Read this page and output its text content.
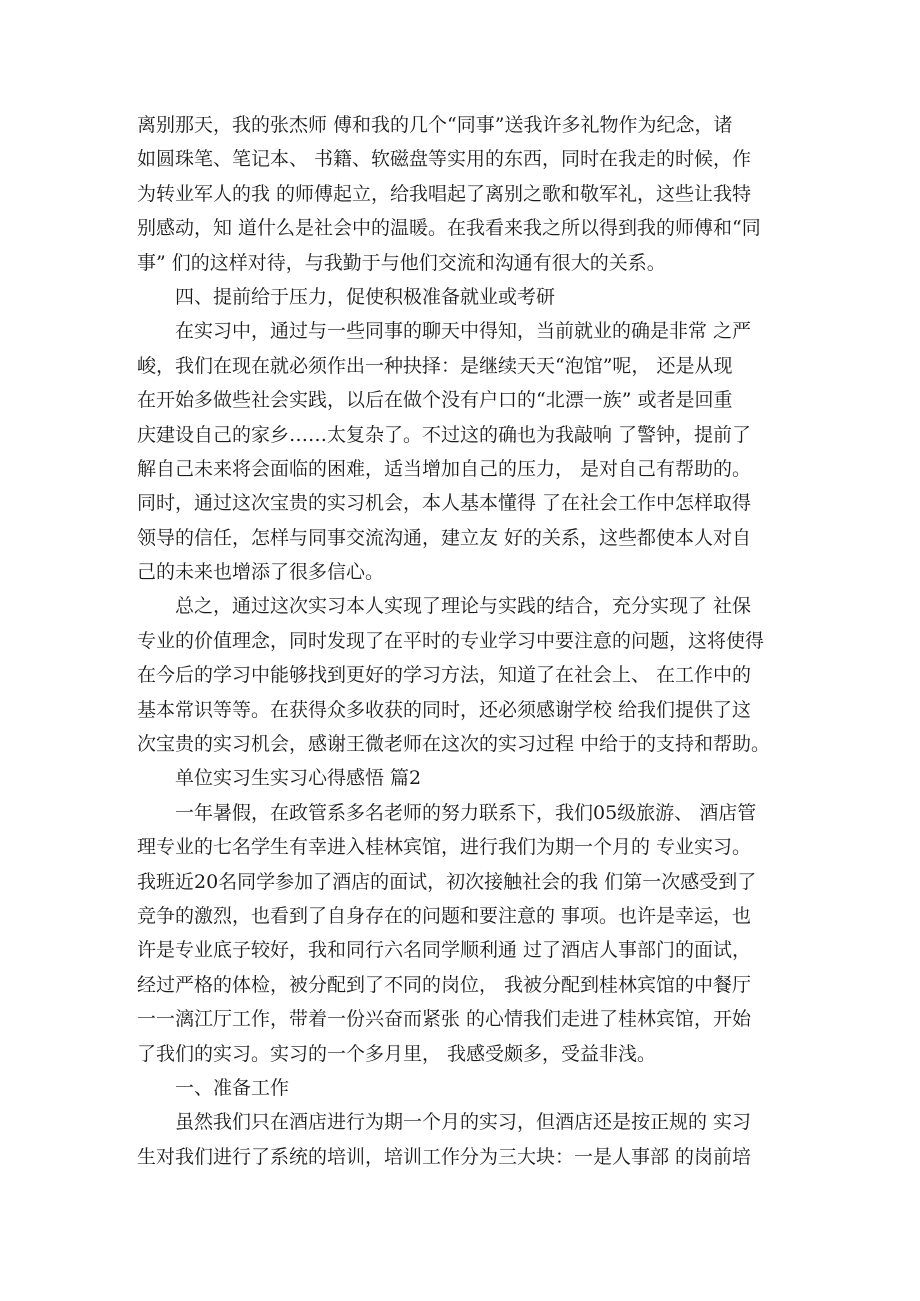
离别那天，我的张杰师 傅和我的几个“同事”送我许多礼物作为纪念，诸
如圆珠笔、笔记本、 书籍、软磁盘等实用的东西，同时在我走的时候，作
为转业军人的我 的师傅起立，给我唱起了离别之歌和敬军礼，这些让我特
别感动，知 道什么是社会中的温暖。在我看来我之所以得到我的师傅和“同
事” 们的这样对待，与我勤于与他们交流和沟通有很大的关系。
四、提前给于压力，促使积极准备就业或考研
在实习中，通过与一些同事的聊天中得知，当前就业的确是非常 之严
峻，我们在现在就必须作出一种抉择：是继续天天“泡馆”呢， 还是从现
在开始多做些社会实践，以后在做个没有户口的“北漂一族” 或者是回重
庆建设自己的家乡……太复杂了。不过这的确也为我敲响 了警钟，提前了
解自己未来将会面临的困难，适当增加自己的压力， 是对自己有帮助的。
同时，通过这次宝贵的实习机会，本人基本懂得 了在社会工作中怎样取得
领导的信任，怎样与同事交流沟通，建立友 好的关系，这些都使本人对自
己的未来也增添了很多信心。
总之，通过这次实习本人实现了理论与实践的结合，充分实现了 社保
专业的价值理念，同时发现了在平时的专业学习中要注意的问题，这将使得
在今后的学习中能够找到更好的学习方法，知道了在社会上、 在工作中的
基本常识等等。在获得众多收获的同时，还必须感谢学校 给我们提供了这
次宝贵的实习机会，感谢王微老师在这次的实习过程 中给于的支持和帮助。
单位实习生实习心得感悟 篇2
一年暑假，在政管系多名老师的努力联系下，我们05级旅游、 酒店管
理专业的七名学生有幸进入桂林宾馆，进行我们为期一个月的 专业实习。
我班近20名同学参加了酒店的面试，初次接触社会的我 们第一次感受到了
竞争的激烈，也看到了自身存在的问题和要注意的 事项。也许是幸运，也
许是专业底子较好，我和同行六名同学顺利通 过了酒店人事部门的面试，
经过严格的体检，被分配到了不同的岗位， 我被分配到桂林宾馆的中餐厅
一一漓江厅工作，带着一份兴奋而紧张 的心情我们走进了桂林宾馆，开始
了我们的实习。实习的一个多月里， 我感受颇多，受益非浅。
一、准备工作
虽然我们只在酒店进行为期一个月的实习，但酒店还是按正规的 实习
生对我们进行了系统的培训，培训工作分为三大块：一是人事部 的岗前培
